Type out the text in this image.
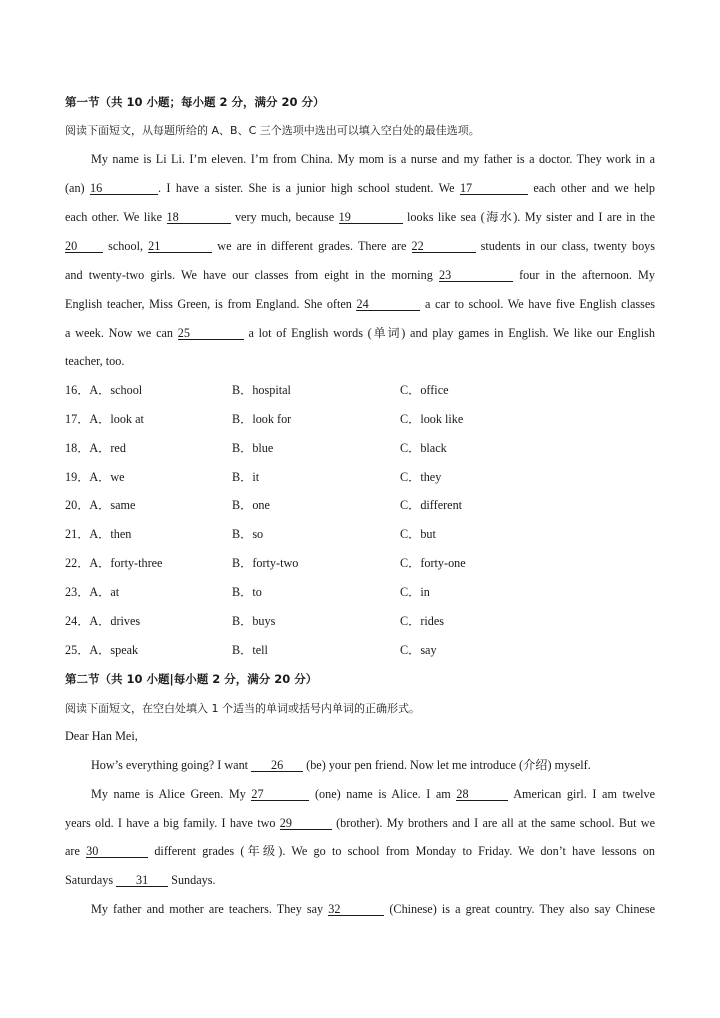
第一节（共 10 小题；每小题 2 分，满分 20 分）
阅读下面短文，从每题所给的 A、B、C 三个选项中选出可以填入空白处的最佳选项。
My name is Li Li. I’m eleven. I’m from China. My mom is a nurse and my father is a doctor. They work in a
(an) 16	. I have a sister. She is a junior high school student. We 17	each other and we help
each other. We like 18	very much, because 19	looks like sea (海水). My sister and I are in the
20 school, 21	we are in different grades. There are 22	students in our class, twenty boys
and twenty-two girls. We have our classes from eight in the morning 23	four in the afternoon. My
English teacher, Miss Green, is from England. She often 24	a car to school. We have five English classes
a week. Now we can 25	a lot of English words (单词) and play games in English. We like our English
teacher, too.
16．A．school	B．hospital	C．office
17．A．look at	B．look for	C．look like
18．A．red	B．blue	C．black
19．A．we	B．it	C．they
20．A．same	B．one	C．different
21．A．then	B．so	C．but
22．A．forty-three	B．forty-two	C．forty-one
23．A．at	B．to	C．in
24．A．drives	B．buys	C．rides
25．A．speak	B．tell	C．say
第二节（共 10 小题|每小题 2 分，满分 20 分）
阅读下面短文，在空白处填入 1 个适当的单词或括号内单词的正确形式。
Dear Han Mei,
How’s everything going? I want 26 (be) your pen friend. Now let me introduce (介绍) myself.
My name is Alice Green. My 27	(one) name is Alice. I am 28	American girl. I am twelve
years old. I have a big family. I have two 29	(brother). My brothers and I are all at the same school. But we
are 30	different grades (年级). We go to school from Monday to Friday. We don’t have lessons on
Saturdays 31 Sundays.
My father and mother are teachers. They say 32	(Chinese) is a great country. They also say Chinese
